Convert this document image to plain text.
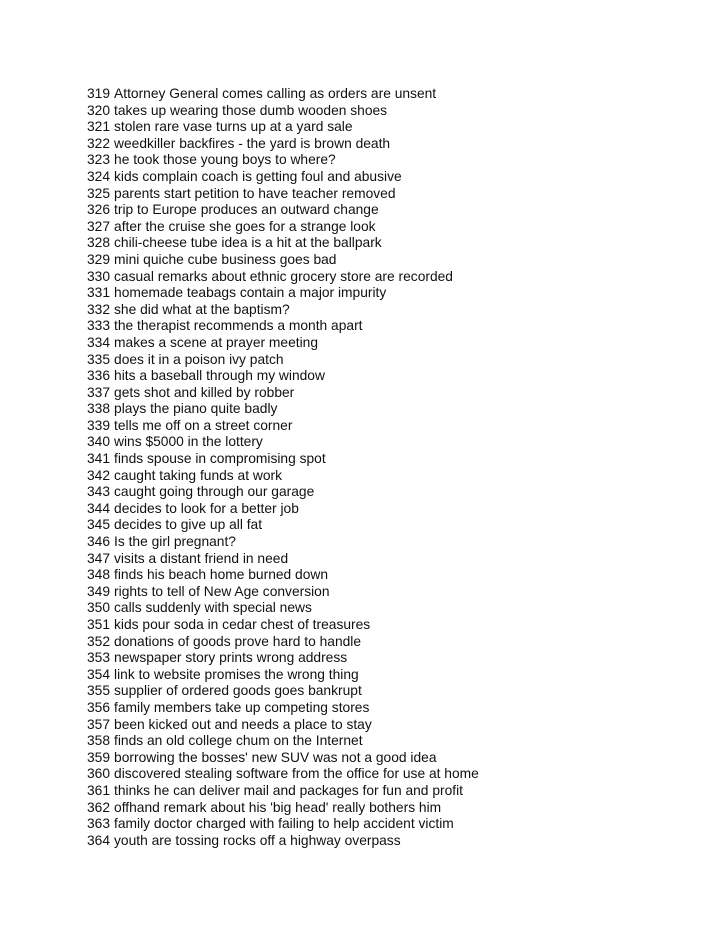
319 Attorney General comes calling as orders are unsent
320 takes up wearing those dumb wooden shoes
321 stolen rare vase turns up at a yard sale
322 weedkiller backfires - the yard is brown death
323 he took those young boys to where?
324 kids complain coach is getting foul and abusive
325 parents start petition to have teacher removed
326 trip to Europe produces an outward change
327 after the cruise she goes for a strange look
328 chili-cheese tube idea is a hit at the ballpark
329 mini quiche cube business goes bad
330 casual remarks about ethnic grocery store are recorded
331 homemade teabags contain a major impurity
332 she did what at the baptism?
333 the therapist recommends a month apart
334 makes a scene at prayer meeting
335 does it in a poison ivy patch
336 hits a baseball through my window
337 gets shot and killed by robber
338 plays the piano quite badly
339 tells me off on a street corner
340 wins $5000 in the lottery
341 finds spouse in compromising spot
342 caught taking funds at work
343 caught going through our garage
344 decides to look for a better job
345 decides to give up all fat
346 Is the girl pregnant?
347 visits a distant friend in need
348 finds his beach home burned down
349 rights to tell of New Age conversion
350 calls suddenly with special news
351 kids pour soda in cedar chest of treasures
352 donations of goods prove hard to handle
353 newspaper story prints wrong address
354 link to website promises the wrong thing
355 supplier of ordered goods goes bankrupt
356 family members take up competing stores
357 been kicked out and needs a place to stay
358 finds an old college chum on the Internet
359 borrowing the bosses' new SUV was not a good idea
360 discovered stealing software from the office for use at home
361 thinks he can deliver mail and packages for fun and profit
362 offhand remark about his 'big head' really bothers him
363 family doctor charged with failing to help accident victim
364 youth are tossing rocks off a highway overpass
